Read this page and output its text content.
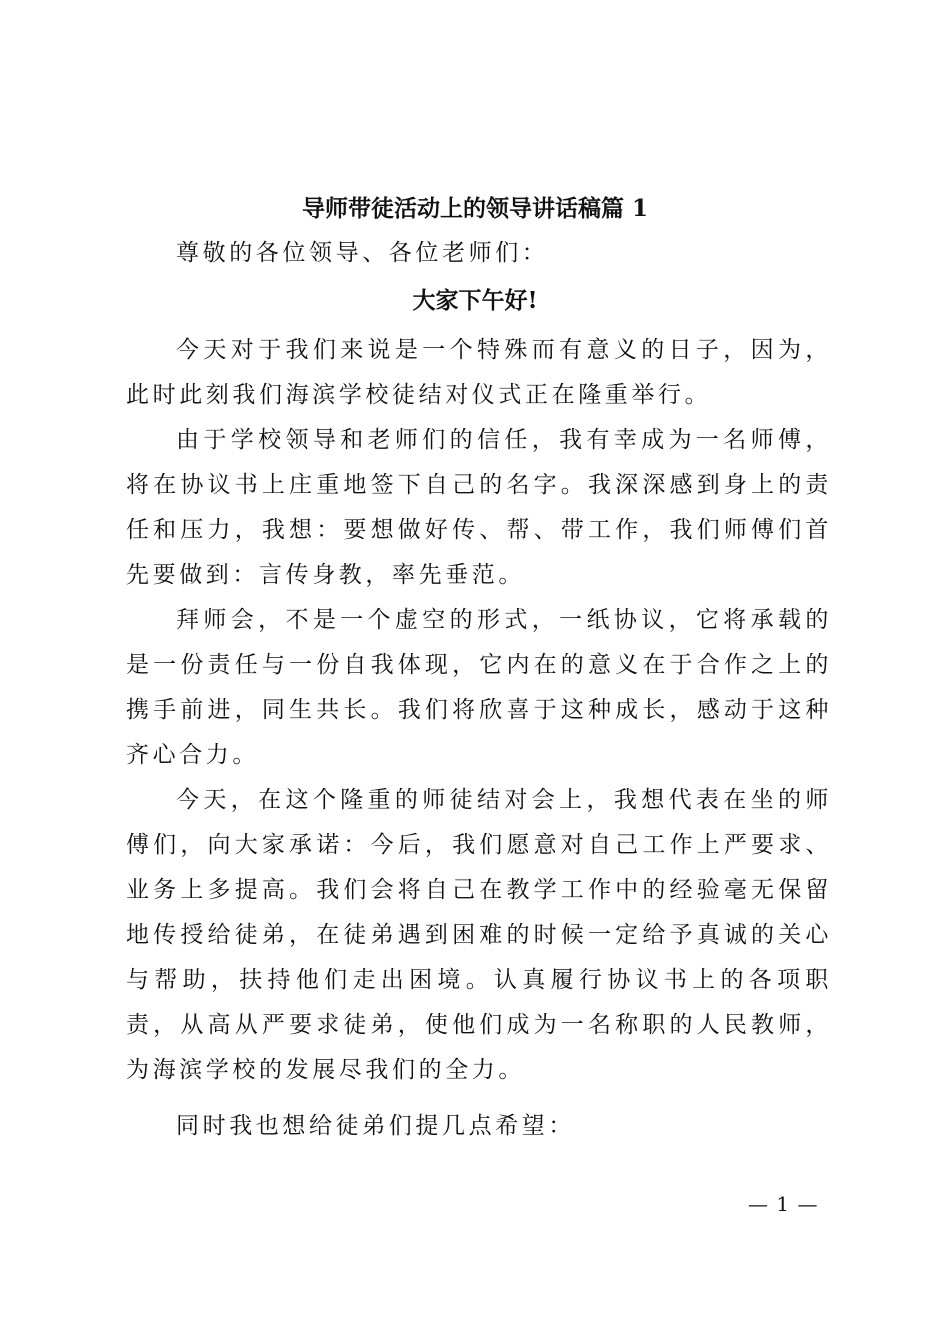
导师带徒活动上的领导讲话稿篇 1

尊敬的各位领导、各位老师们：

大家下午好!

今天对于我们来说是一个特殊而有意义的日子，因为，此时此刻我们海滨学校徒结对仪式正在隆重举行。

由于学校领导和老师们的信任，我有幸成为一名师傅，将在协议书上庄重地签下自己的名字。我深深感到身上的责任和压力，我想：要想做好传、帮、带工作，我们师傅们首先要做到：言传身教，率先垂范。

拜师会，不是一个虚空的形式，一纸协议，它将承载的是一份责任与一份自我体现，它内在的意义在于合作之上的携手前进，同生共长。我们将欣喜于这种成长，感动于这种齐心合力。

今天，在这个隆重的师徒结对会上，我想代表在坐的师傅们，向大家承诺：今后，我们愿意对自己工作上严要求、业务上多提高。我们会将自己在教学工作中的经验毫无保留地传授给徒弟，在徒弟遇到困难的时候一定给予真诚的关心与帮助，扶持他们走出困境。认真履行协议书上的各项职责，从高从严要求徒弟，使他们成为一名称职的人民教师，为海滨学校的发展尽我们的全力。

同时我也想给徒弟们提几点希望：

— 1 —
